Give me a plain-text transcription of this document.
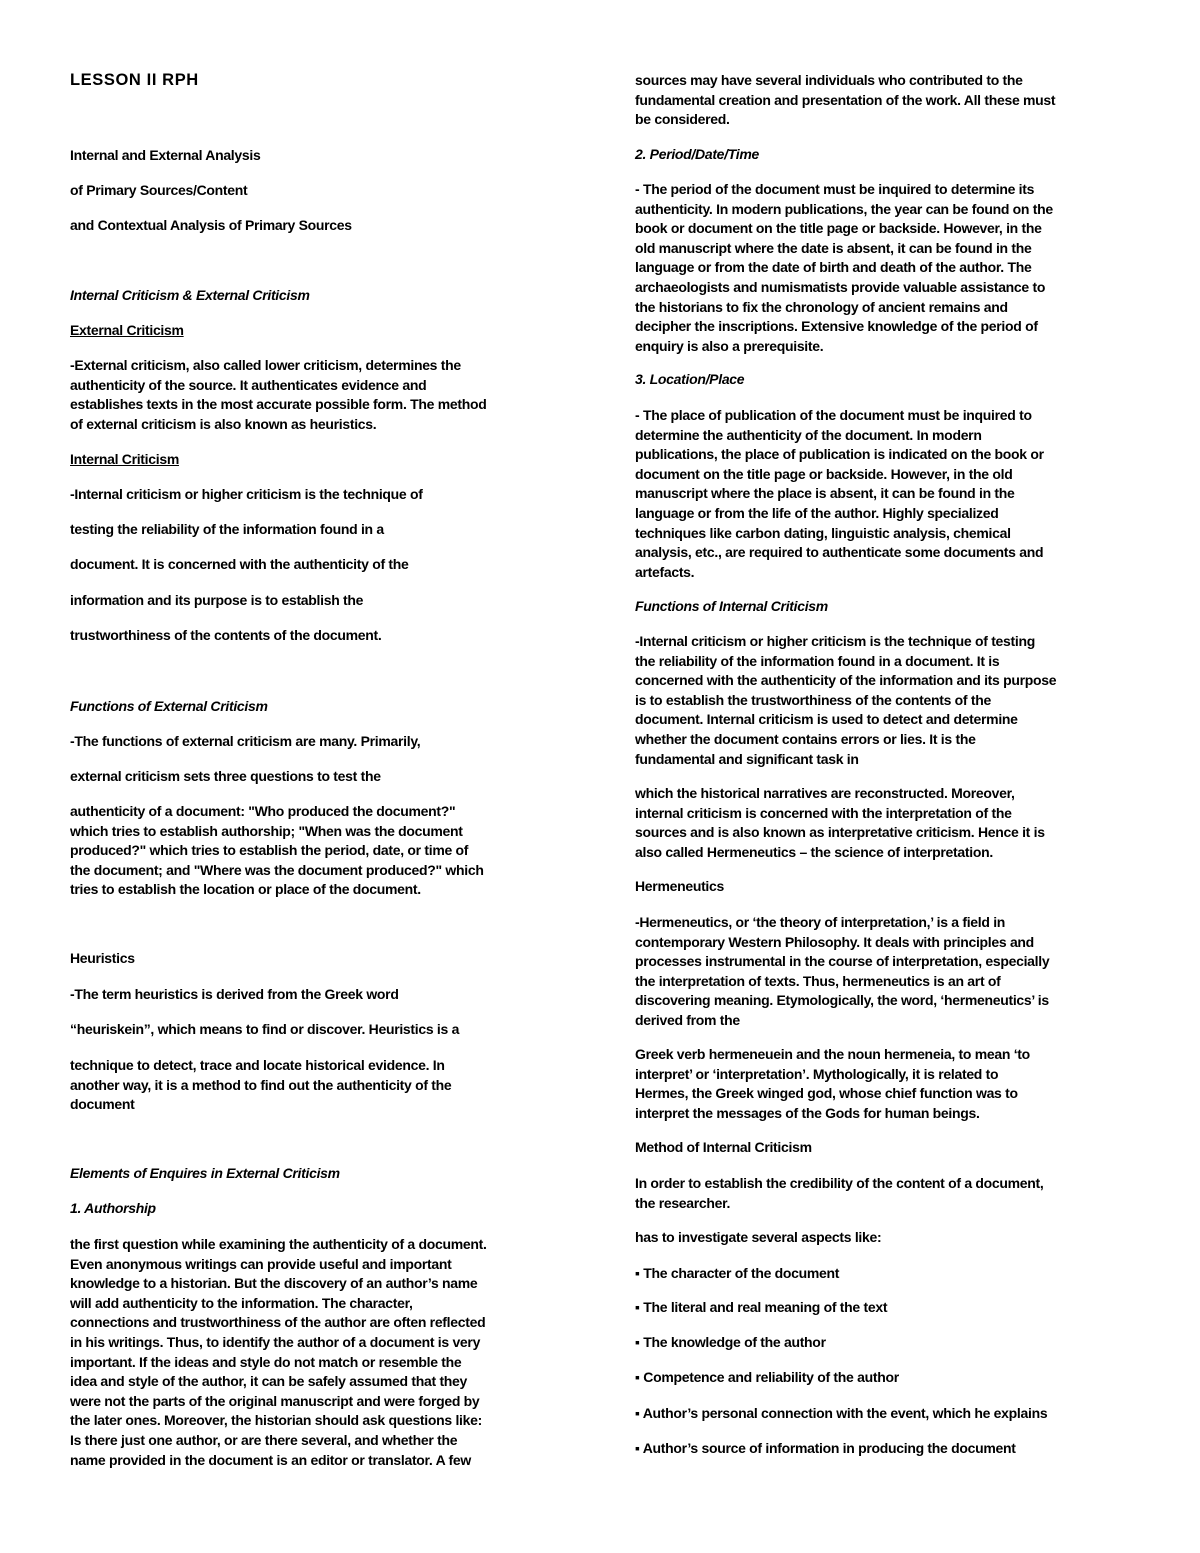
LESSON II RPH

Internal and External Analysis

of Primary Sources/Content

and Contextual Analysis of Primary Sources

Internal Criticism & External Criticism

External Criticism

-External criticism, also called lower criticism, determines the
authenticity of the source. It authenticates evidence and
establishes texts in the most accurate possible form. The method
of external criticism is also known as heuristics.

Internal Criticism

-Internal criticism or higher criticism is the technique of

testing the reliability of the information found in a

document. It is concerned with the authenticity of the

information and its purpose is to establish the

trustworthiness of the contents of the document.

Functions of External Criticism

-The functions of external criticism are many. Primarily,

external criticism sets three questions to test the

authenticity of a document: "Who produced the document?"
which tries to establish authorship; "When was the document
produced?" which tries to establish the period, date, or time of
the document; and "Where was the document produced?" which
tries to establish the location or place of the document.

Heuristics

-The term heuristics is derived from the Greek word

“heuriskein”, which means to find or discover. Heuristics is a

technique to detect, trace and locate historical evidence. In
another way, it is a method to find out the authenticity of the
document

Elements of Enquires in External Criticism

1. Authorship

the first question while examining the authenticity of a document.
Even anonymous writings can provide useful and important
knowledge to a historian. But the discovery of an author’s name
will add authenticity to the information. The character,
connections and trustworthiness of the author are often reflected
in his writings. Thus, to identify the author of a document is very
important. If the ideas and style do not match or resemble the
idea and style of the author, it can be safely assumed that they
were not the parts of the original manuscript and were forged by
the later ones. Moreover, the historian should ask questions like:
Is there just one author, or are there several, and whether the
name provided in the document is an editor or translator. A few

sources may have several individuals who contributed to the
fundamental creation and presentation of the work. All these must
be considered.

2. Period/Date/Time

- The period of the document must be inquired to determine its
authenticity. In modern publications, the year can be found on the
book or document on the title page or backside. However, in the
old manuscript where the date is absent, it can be found in the
language or from the date of birth and death of the author. The
archaeologists and numismatists provide valuable assistance to
the historians to fix the chronology of ancient remains and
decipher the inscriptions. Extensive knowledge of the period of
enquiry is also a prerequisite.

3. Location/Place

- The place of publication of the document must be inquired to
determine the authenticity of the document. In modern
publications, the place of publication is indicated on the book or
document on the title page or backside. However, in the old
manuscript where the place is absent, it can be found in the
language or from the life of the author. Highly specialized
techniques like carbon dating, linguistic analysis, chemical
analysis, etc., are required to authenticate some documents and
artefacts.

Functions of Internal Criticism

-Internal criticism or higher criticism is the technique of testing
the reliability of the information found in a document. It is
concerned with the authenticity of the information and its purpose
is to establish the trustworthiness of the contents of the
document. Internal criticism is used to detect and determine
whether the document contains errors or lies. It is the
fundamental and significant task in

which the historical narratives are reconstructed. Moreover,
internal criticism is concerned with the interpretation of the
sources and is also known as interpretative criticism. Hence it is
also called Hermeneutics – the science of interpretation.

Hermeneutics

-Hermeneutics, or ‘the theory of interpretation,’ is a field in
contemporary Western Philosophy. It deals with principles and
processes instrumental in the course of interpretation, especially
the interpretation of texts. Thus, hermeneutics is an art of
discovering meaning. Etymologically, the word, ‘hermeneutics’ is
derived from the

Greek verb hermeneuein and the noun hermeneia, to mean ‘to
interpret’ or ‘interpretation’. Mythologically, it is related to
Hermes, the Greek winged god, whose chief function was to
interpret the messages of the Gods for human beings.

Method of Internal Criticism

In order to establish the credibility of the content of a document,
the researcher.

has to investigate several aspects like:

▪ The character of the document

▪ The literal and real meaning of the text

▪ The knowledge of the author

▪ Competence and reliability of the author

▪ Author’s personal connection with the event, which he explains

▪ Author’s source of information in producing the document
